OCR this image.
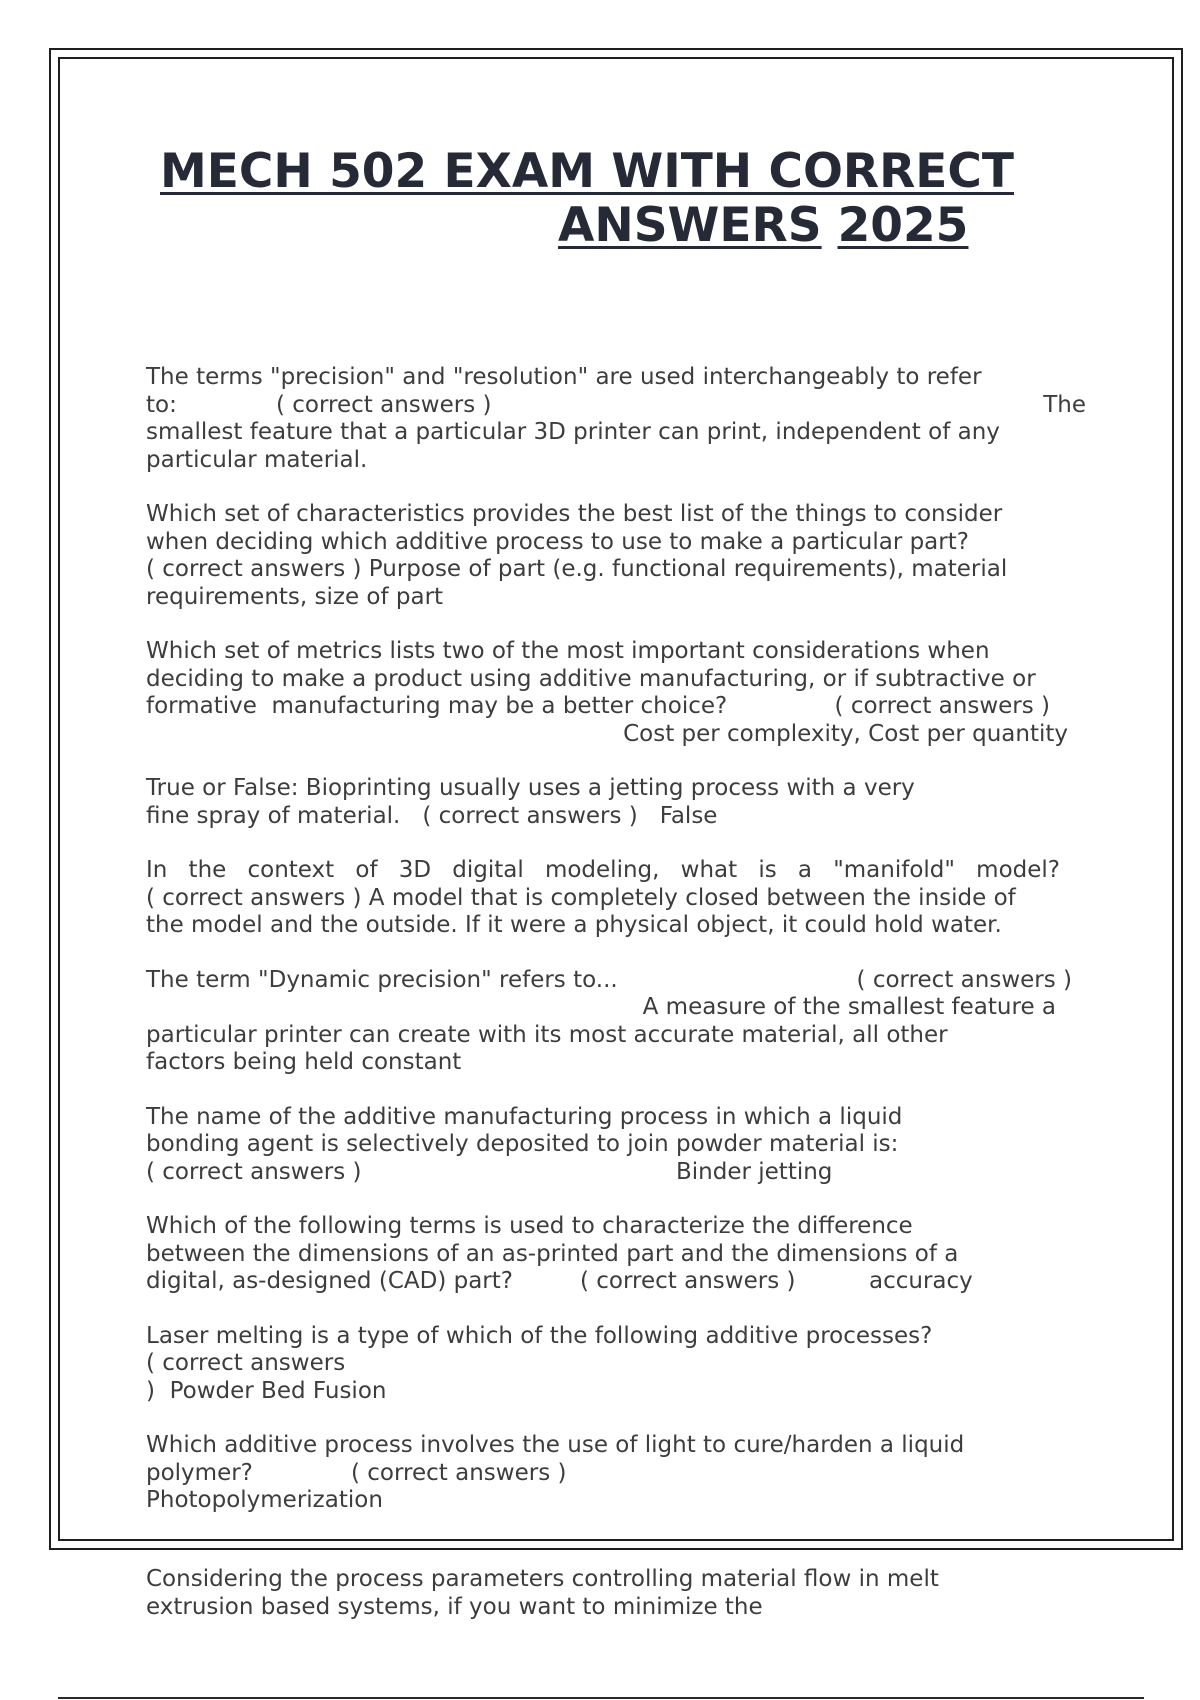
MECH 502 EXAM WITH CORRECT
ANSWERS 2025
The terms "precision" and "resolution" are used interchangeably to refer
to:	( correct answers )	The
smallest feature that a particular 3D printer can print, independent of any
particular material.
Which set of characteristics provides the best list of the things to consider
when deciding which additive process to use to make a particular part?
( correct answers ) Purpose of part (e.g. functional requirements), material
requirements, size of part
Which set of metrics lists two of the most important considerations when
deciding to make a product using additive manufacturing, or if subtractive or
formative  manufacturing may be a better choice?	( correct answers )
Cost per complexity, Cost per quantity
True or False: Bioprinting usually uses a jetting process with a very
fine spray of material. ( correct answers ) False
In the context of 3D digital modeling, what is a "manifold" model?
( correct answers ) A model that is completely closed between the inside of
the model and the outside. If it were a physical object, it could hold water.
The term "Dynamic precision" refers to...	( correct answers )
A measure of the smallest feature a
particular printer can create with its most accurate material, all other
factors being held constant
The name of the additive manufacturing process in which a liquid
bonding agent is selectively deposited to join powder material is:
( correct answers )	Binder jetting
Which of the following terms is used to characterize the difference
between the dimensions of an as-printed part and the dimensions of a
digital, as-designed (CAD) part?	( correct answers )	accuracy
Laser melting is a type of which of the following additive processes?
( correct answers
) Powder Bed Fusion
Which additive process involves the use of light to cure/harden a liquid
polymer?	( correct answers )
Photopolymerization
Considering the process parameters controlling material flow in melt
extrusion based systems, if you want to minimize the
